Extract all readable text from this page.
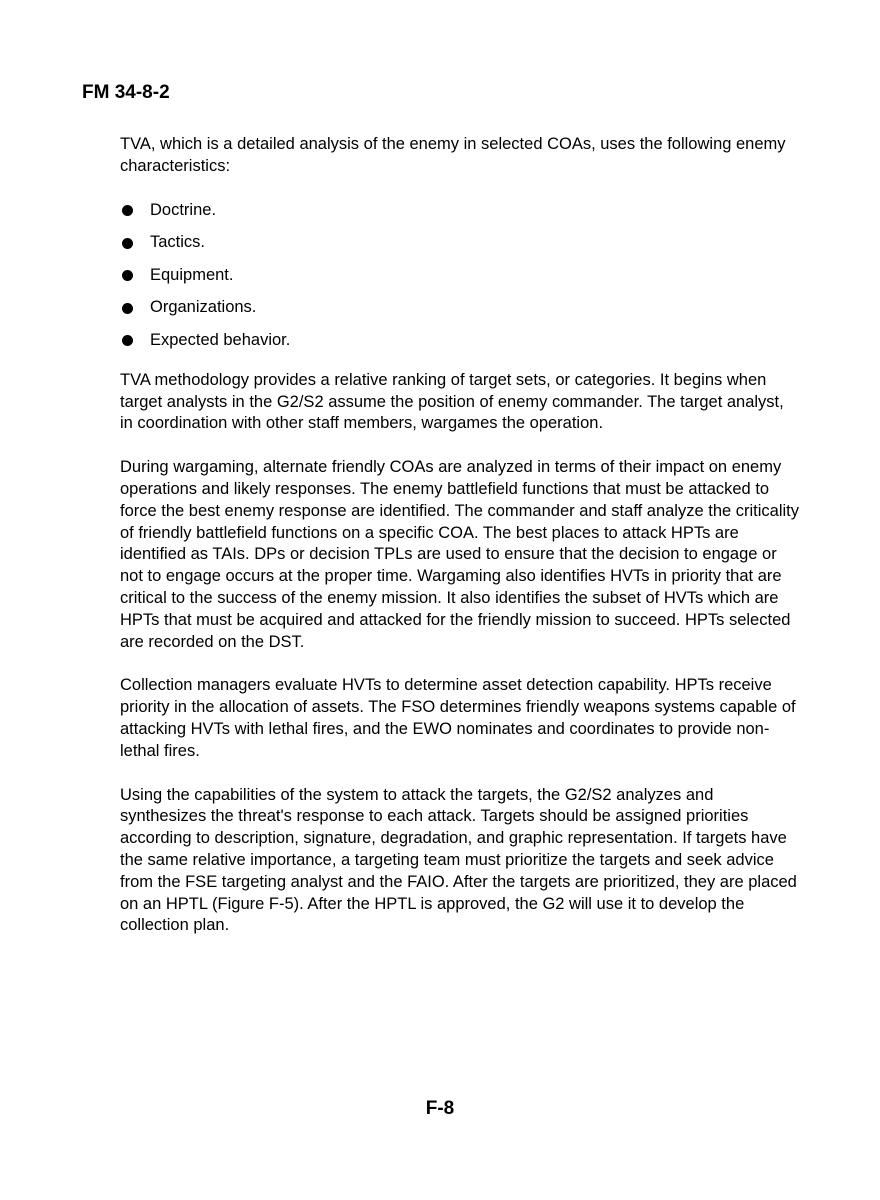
FM 34-8-2

TVA, which is a detailed analysis of the enemy in selected COAs, uses the following enemy characteristics:

Doctrine.
Tactics.
Equipment.
Organizations.
Expected behavior.

TVA methodology provides a relative ranking of target sets, or categories. It begins when target analysts in the G2/S2 assume the position of enemy commander. The target analyst, in coordination with other staff members, wargames the operation.

During wargaming, alternate friendly COAs are analyzed in terms of their impact on enemy operations and likely responses. The enemy battlefield functions that must be attacked to force the best enemy response are identified. The commander and staff analyze the criticality of friendly battlefield functions on a specific COA. The best places to attack HPTs are identified as TAIs. DPs or decision TPLs are used to ensure that the decision to engage or not to engage occurs at the proper time. Wargaming also identifies HVTs in priority that are critical to the success of the enemy mission. It also identifies the subset of HVTs which are HPTs that must be acquired and attacked for the friendly mission to succeed. HPTs selected are recorded on the DST.

Collection managers evaluate HVTs to determine asset detection capability. HPTs receive priority in the allocation of assets. The FSO determines friendly weapons systems capable of attacking HVTs with lethal fires, and the EWO nominates and coordinates to provide non-lethal fires.

Using the capabilities of the system to attack the targets, the G2/S2 analyzes and synthesizes the threat's response to each attack. Targets should be assigned priorities according to description, signature, degradation, and graphic representation. If targets have the same relative importance, a targeting team must prioritize the targets and seek advice from the FSE targeting analyst and the FAIO. After the targets are prioritized, they are placed on an HPTL (Figure F-5). After the HPTL is approved, the G2 will use it to develop the collection plan.

F-8
